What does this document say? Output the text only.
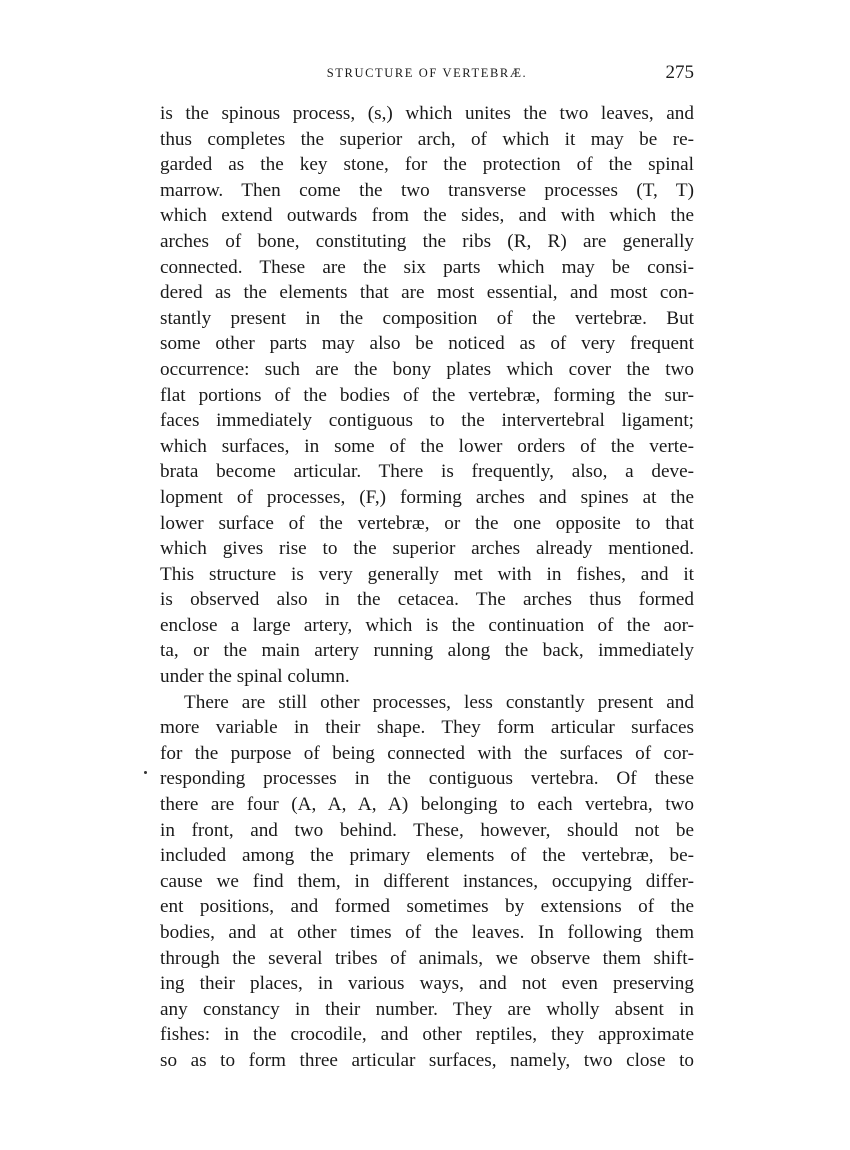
STRUCTURE OF VERTEBRÆ.	275
is the spinous process, (s,) which unites the two leaves, and
thus completes the superior arch, of which it may be re-
garded as the key stone, for the protection of the spinal
marrow. Then come the two transverse processes (T, T)
which extend outwards from the sides, and with which the
arches of bone, constituting the ribs (R, R) are generally
connected. These are the six parts which may be consi-
dered as the elements that are most essential, and most con-
stantly present in the composition of the vertebræ. But
some other parts may also be noticed as of very frequent
occurrence: such are the bony plates which cover the two
flat portions of the bodies of the vertebræ, forming the sur-
faces immediately contiguous to the intervertebral ligament;
which surfaces, in some of the lower orders of the verte-
brata become articular. There is frequently, also, a deve-
lopment of processes, (F,) forming arches and spines at the
lower surface of the vertebræ, or the one opposite to that
which gives rise to the superior arches already mentioned.
This structure is very generally met with in fishes, and it
is observed also in the cetacea. The arches thus formed
enclose a large artery, which is the continuation of the aor-
ta, or the main artery running along the back, immediately
under the spinal column.
There are still other processes, less constantly present and
more variable in their shape. They form articular surfaces
for the purpose of being connected with the surfaces of cor-
responding processes in the contiguous vertebra. Of these
there are four (A, A, A, A) belonging to each vertebra, two
in front, and two behind. These, however, should not be
included among the primary elements of the vertebræ, be-
cause we find them, in different instances, occupying differ-
ent positions, and formed sometimes by extensions of the
bodies, and at other times of the leaves. In following them
through the several tribes of animals, we observe them shift-
ing their places, in various ways, and not even preserving
any constancy in their number. They are wholly absent in
fishes: in the crocodile, and other reptiles, they approximate
so as to form three articular surfaces, namely, two close to
